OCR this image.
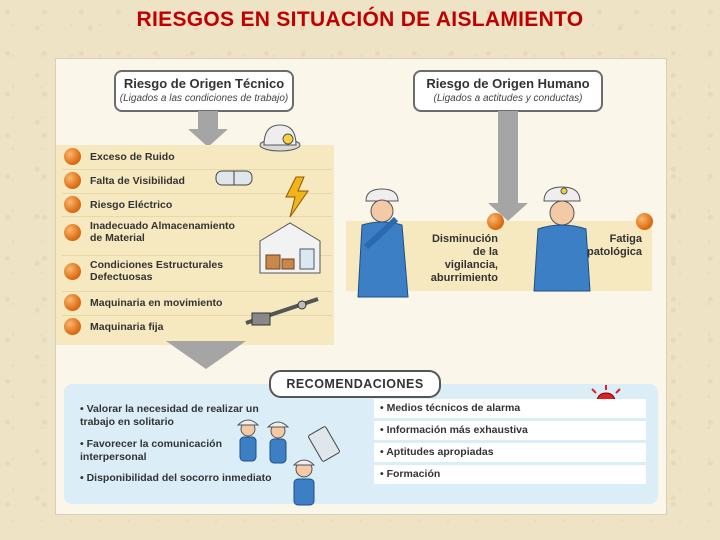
RIESGOS EN SITUACIÓN DE AISLAMIENTO
Riesgo de Origen Técnico
(Ligados a las condiciones de trabajo)
Riesgo de Origen Humano
(Ligados a actitudes y conductas)
Exceso de Ruido
Falta de Visibilidad
Riesgo Eléctrico
Inadecuado Almacenamiento de Material
Condiciones Estructurales Defectuosas
Maquinaria en movimiento
Maquinaria fija
Disminución de la vigilancia, aburrimiento
Fatiga patológica
RECOMENDACIONES
• Valorar la necesidad de realizar un trabajo en solitario
• Favorecer la comunicación interpersonal
• Disponibilidad del socorro inmediato
• Medios técnicos de alarma
• Información más exhaustiva
• Aptitudes apropiadas
• Formación
